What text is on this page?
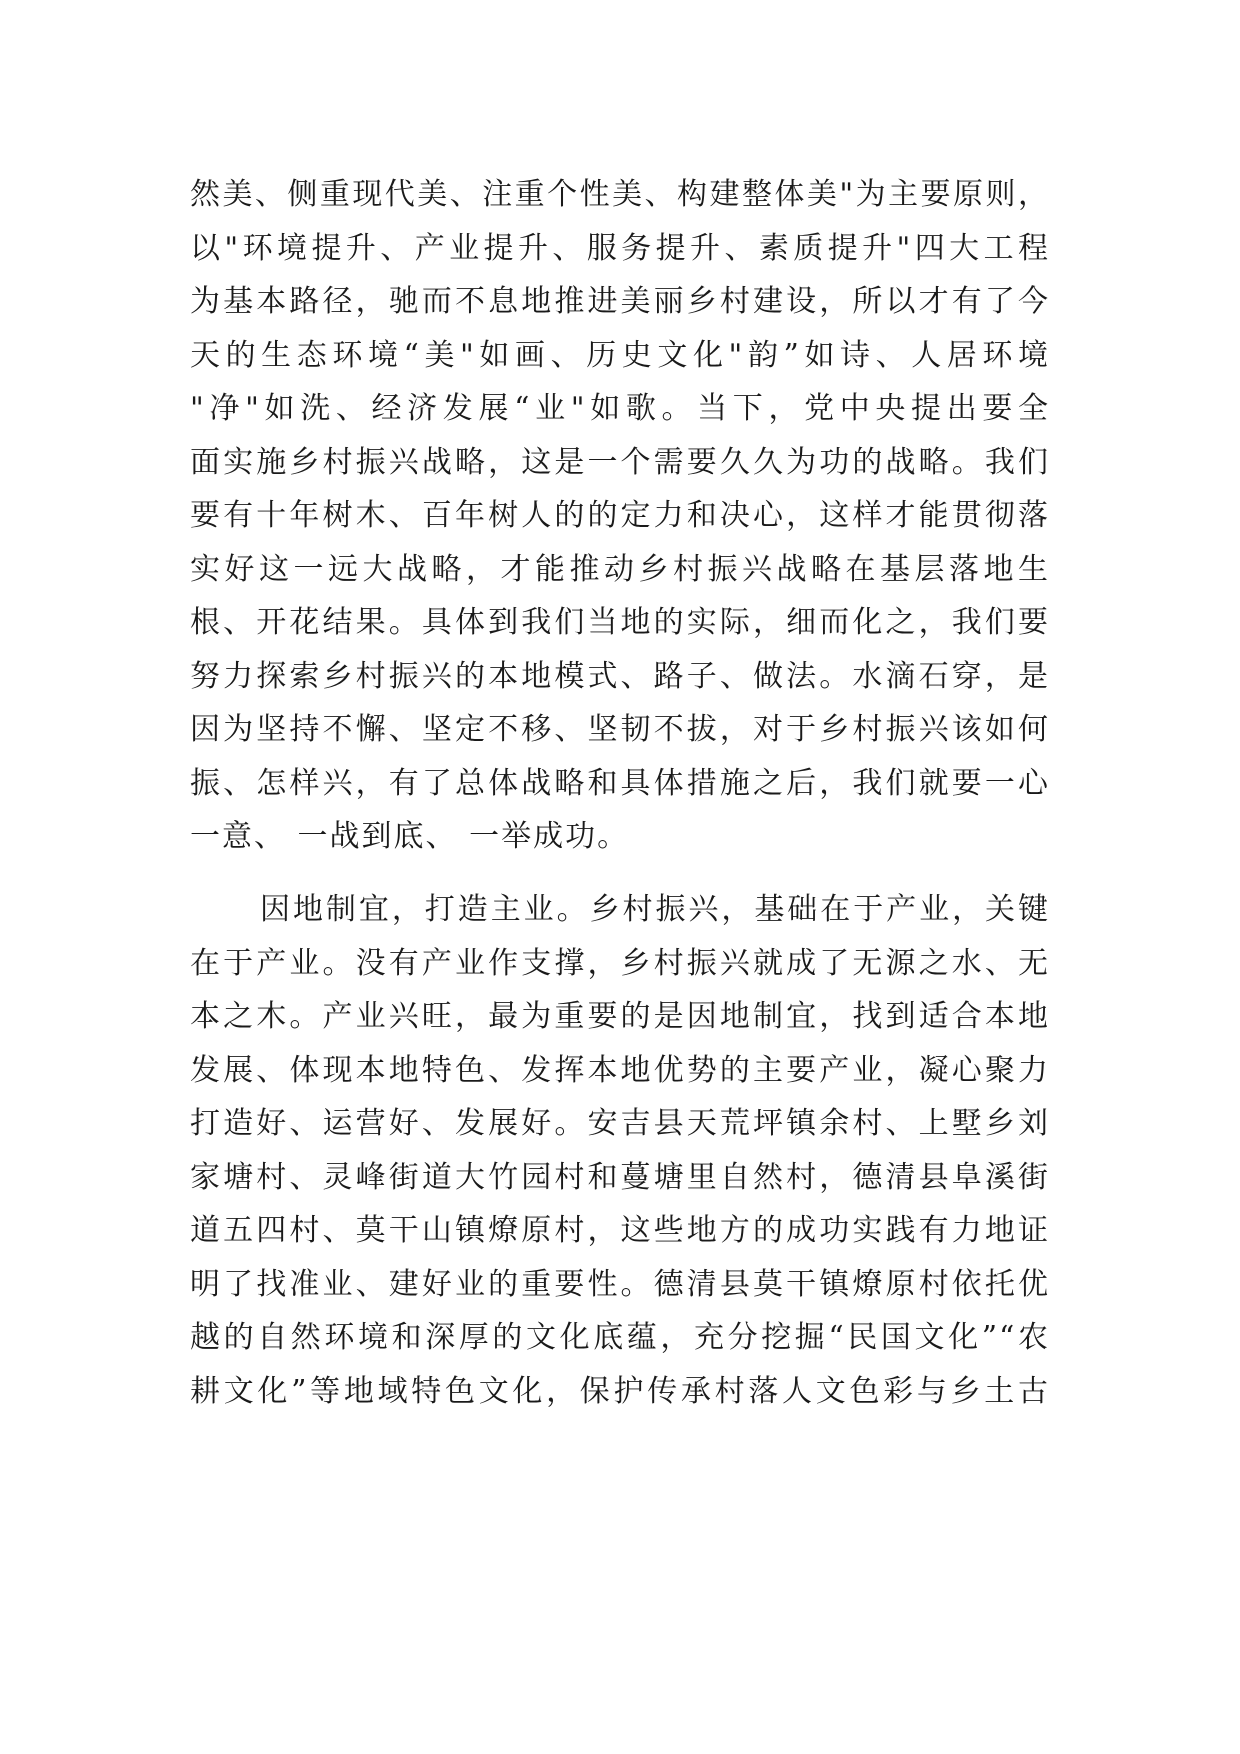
然美、侧重现代美、注重个性美、构建整体美"为主要原则，
以"环境提升、产业提升、服务提升、素质提升"四大工程
为基本路径，驰而不息地推进美丽乡村建设，所以才有了今
天的生态环境“美"如画、历史文化"韵”如诗、人居环境
"净"如洗、经济发展“业"如歌。当下，党中央提出要全
面实施乡村振兴战略，这是一个需要久久为功的战略。我们
要有十年树木、百年树人的的定力和决心，这样才能贯彻落
实好这一远大战略，才能推动乡村振兴战略在基层落地生
根、开花结果。具体到我们当地的实际，细而化之，我们要
努力探索乡村振兴的本地模式、路子、做法。水滴石穿，是
因为坚持不懈、坚定不移、坚韧不拔，对于乡村振兴该如何
振、怎样兴，有了总体战略和具体措施之后，我们就要一心
一意、 一战到底、 一举成功。
因地制宜，打造主业。乡村振兴，基础在于产业，关键
在于产业。没有产业作支撑，乡村振兴就成了无源之水、无
本之木。产业兴旺，最为重要的是因地制宜，找到适合本地
发展、体现本地特色、发挥本地优势的主要产业，凝心聚力
打造好、运营好、发展好。安吉县天荒坪镇余村、上墅乡刘
家塘村、灵峰街道大竹园村和蔓塘里自然村，德清县阜溪街
道五四村、莫干山镇燎原村，这些地方的成功实践有力地证
明了找准业、建好业的重要性。德清县莫干镇燎原村依托优
越的自然环境和深厚的文化底蕴，充分挖掘“民国文化”“农
耕文化”等地域特色文化，保护传承村落人文色彩与乡土古
